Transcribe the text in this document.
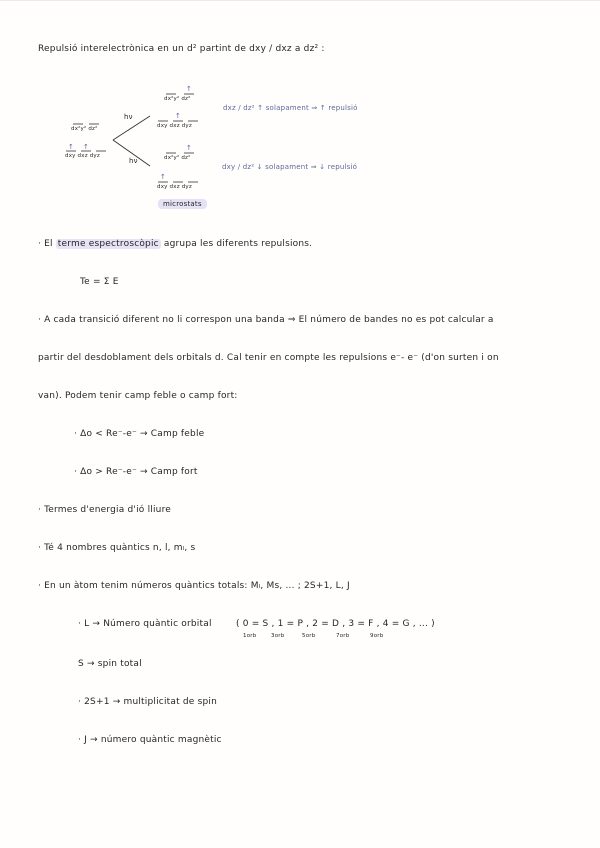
Repulsió interelectrònica en un d² partint de dxy / dxz a dz² :
dx²y² dz²
dxy dxz dyz
↑ ↑
hν
hν
↑
↑
dx²y² dz²
dxy dxz dyz
↑
↑
dx²y² dz²
dxy dxz dyz
microstats
dxz / dz² ↑ solapament ⇒ ↑ repulsió
dxy / dz² ↓ solapament ⇒ ↓ repulsió
· El terme espectroscòpic agrupa les diferents repulsions.
Te = Σ E
· A cada transició diferent no li correspon una banda ⇒ El número de bandes no es pot calcular a
partir del desdoblament dels orbitals d. Cal tenir en compte les repulsions e⁻- e⁻ (d'on surten i on
van). Podem tenir camp feble o camp fort:
· Δo < Re⁻-e⁻ → Camp feble
· Δo > Re⁻-e⁻ → Camp fort
· Termes d'energia d'ió lliure
· Té 4 nombres quàntics n, l, mₗ, s
· En un àtom tenim números quàntics totals: Mₗ, Ms, ... ; 2S+1, L, J
· L → Número quàntic orbital	( 0 = S , 1 = P , 2 = D , 3 = F , 4 = G , ... )
1orb	3orb	5orb	7orb	9orb
S → spin total
· 2S+1 → multiplicitat de spin
· J → número quàntic magnètic
